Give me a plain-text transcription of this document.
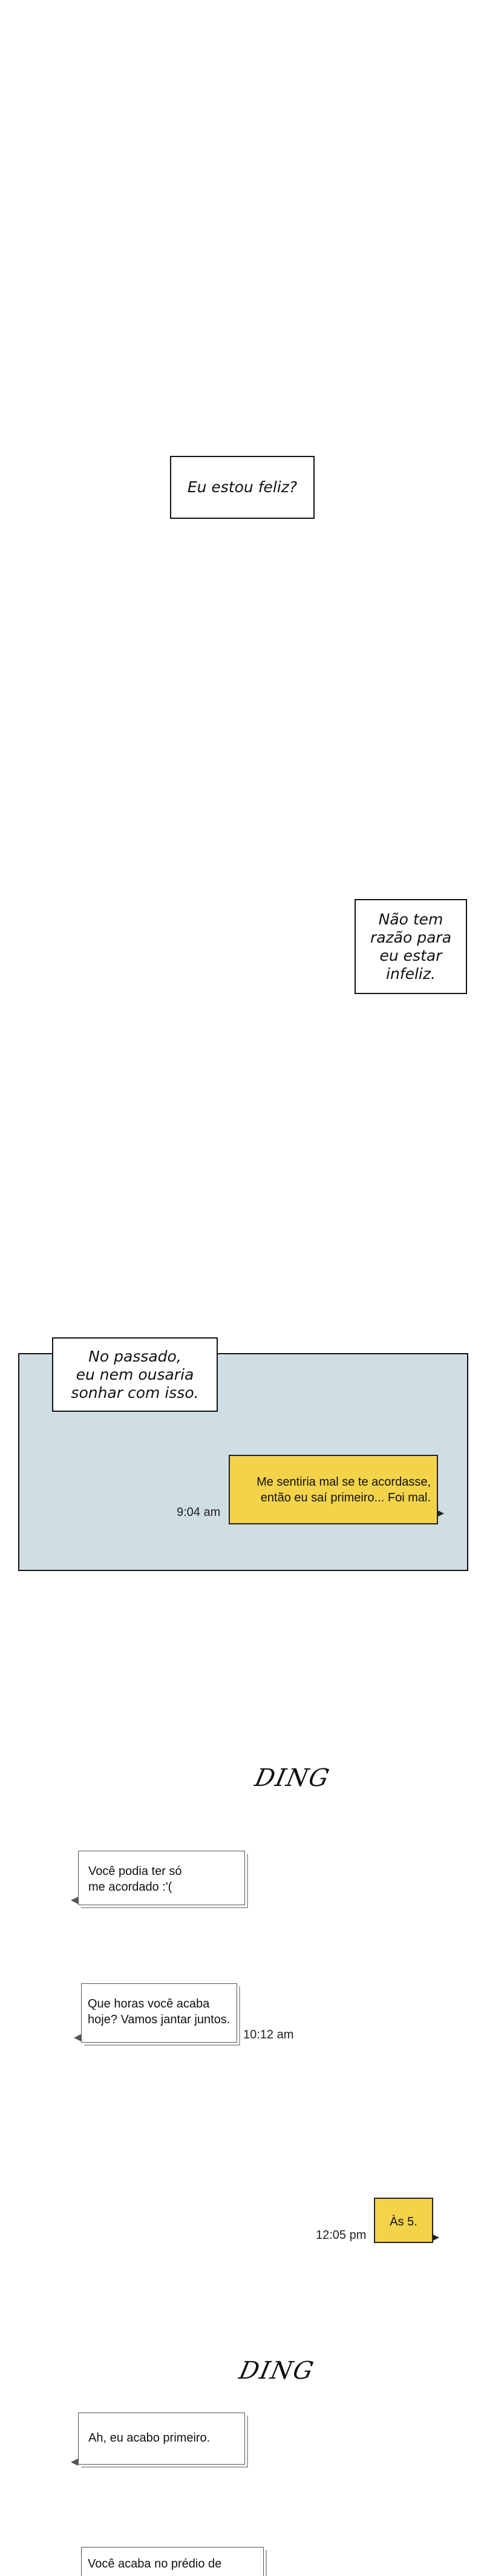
Eu estou feliz?
Não tem
razão para
eu estar
infeliz.
No passado,
eu nem ousaria
sonhar com isso.
9:04 am
Me sentiria mal se te acordasse,
então eu saí primeiro... Foi mal.
DING
Você podia ter só
me acordado :'(
Que horas você acaba
hoje? Vamos jantar juntos.
10:12 am
12:05 pm
Às 5.
DING
Ah, eu acabo primeiro.
Você acaba no prédio de
